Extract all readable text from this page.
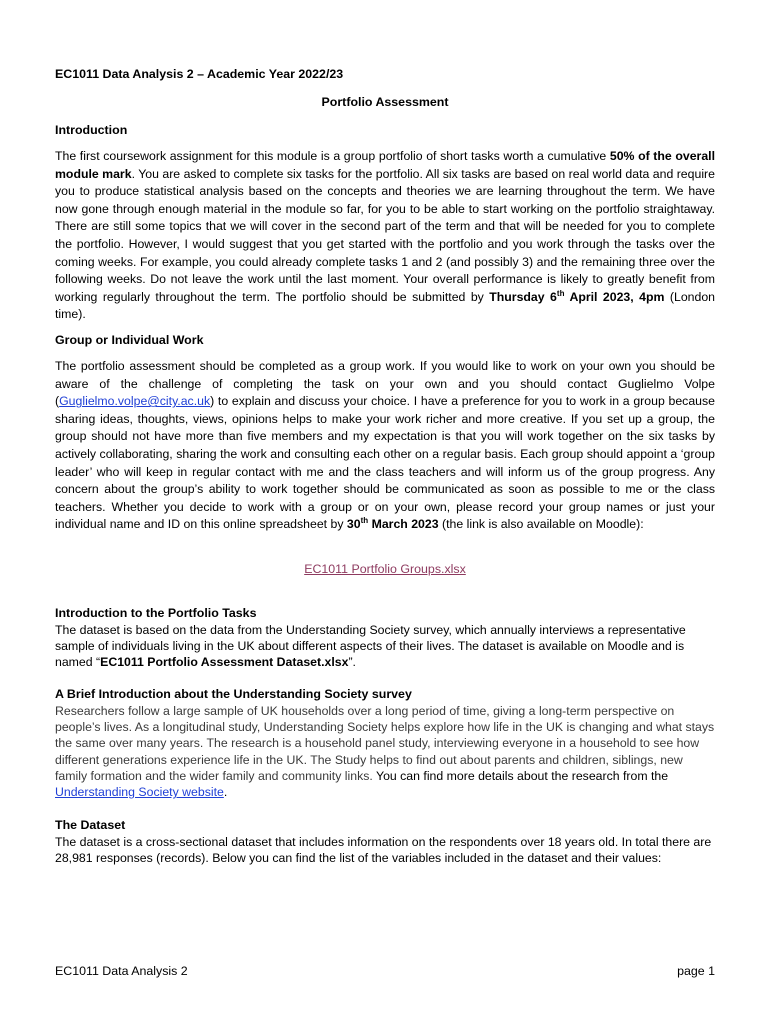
EC1011 Data Analysis 2 – Academic Year 2022/23
Portfolio Assessment
Introduction
The first coursework assignment for this module is a group portfolio of short tasks worth a cumulative 50% of the overall module mark. You are asked to complete six tasks for the portfolio. All six tasks are based on real world data and require you to produce statistical analysis based on the concepts and theories we are learning throughout the term. We have now gone through enough material in the module so far, for you to be able to start working on the portfolio straightaway. There are still some topics that we will cover in the second part of the term and that will be needed for you to complete the portfolio. However, I would suggest that you get started with the portfolio and you work through the tasks over the coming weeks. For example, you could already complete tasks 1 and 2 (and possibly 3) and the remaining three over the following weeks. Do not leave the work until the last moment. Your overall performance is likely to greatly benefit from working regularly throughout the term. The portfolio should be submitted by Thursday 6th April 2023, 4pm (London time).
Group or Individual Work
The portfolio assessment should be completed as a group work. If you would like to work on your own you should be aware of the challenge of completing the task on your own and you should contact Guglielmo Volpe (Guglielmo.volpe@city.ac.uk) to explain and discuss your choice. I have a preference for you to work in a group because sharing ideas, thoughts, views, opinions helps to make your work richer and more creative. If you set up a group, the group should not have more than five members and my expectation is that you will work together on the six tasks by actively collaborating, sharing the work and consulting each other on a regular basis. Each group should appoint a ‘group leader’ who will keep in regular contact with me and the class teachers and will inform us of the group progress. Any concern about the group’s ability to work together should be communicated as soon as possible to me or the class teachers. Whether you decide to work with a group or on your own, please record your group names or just your individual name and ID on this online spreadsheet by 30th March 2023 (the link is also available on Moodle):
EC1011 Portfolio Groups.xlsx
Introduction to the Portfolio Tasks
The dataset is based on the data from the Understanding Society survey, which annually interviews a representative sample of individuals living in the UK about different aspects of their lives. The dataset is available on Moodle and is named “EC1011 Portfolio Assessment Dataset.xlsx”.
A Brief Introduction about the Understanding Society survey
Researchers follow a large sample of UK households over a long period of time, giving a long-term perspective on people’s lives. As a longitudinal study, Understanding Society helps explore how life in the UK is changing and what stays the same over many years. The research is a household panel study, interviewing everyone in a household to see how different generations experience life in the UK. The Study helps to find out about parents and children, siblings, new family formation and the wider family and community links. You can find more details about the research from the Understanding Society website.
The Dataset
The dataset is a cross-sectional dataset that includes information on the respondents over 18 years old. In total there are 28,981 responses (records). Below you can find the list of the variables included in the dataset and their values:
EC1011 Data Analysis 2	page 1
